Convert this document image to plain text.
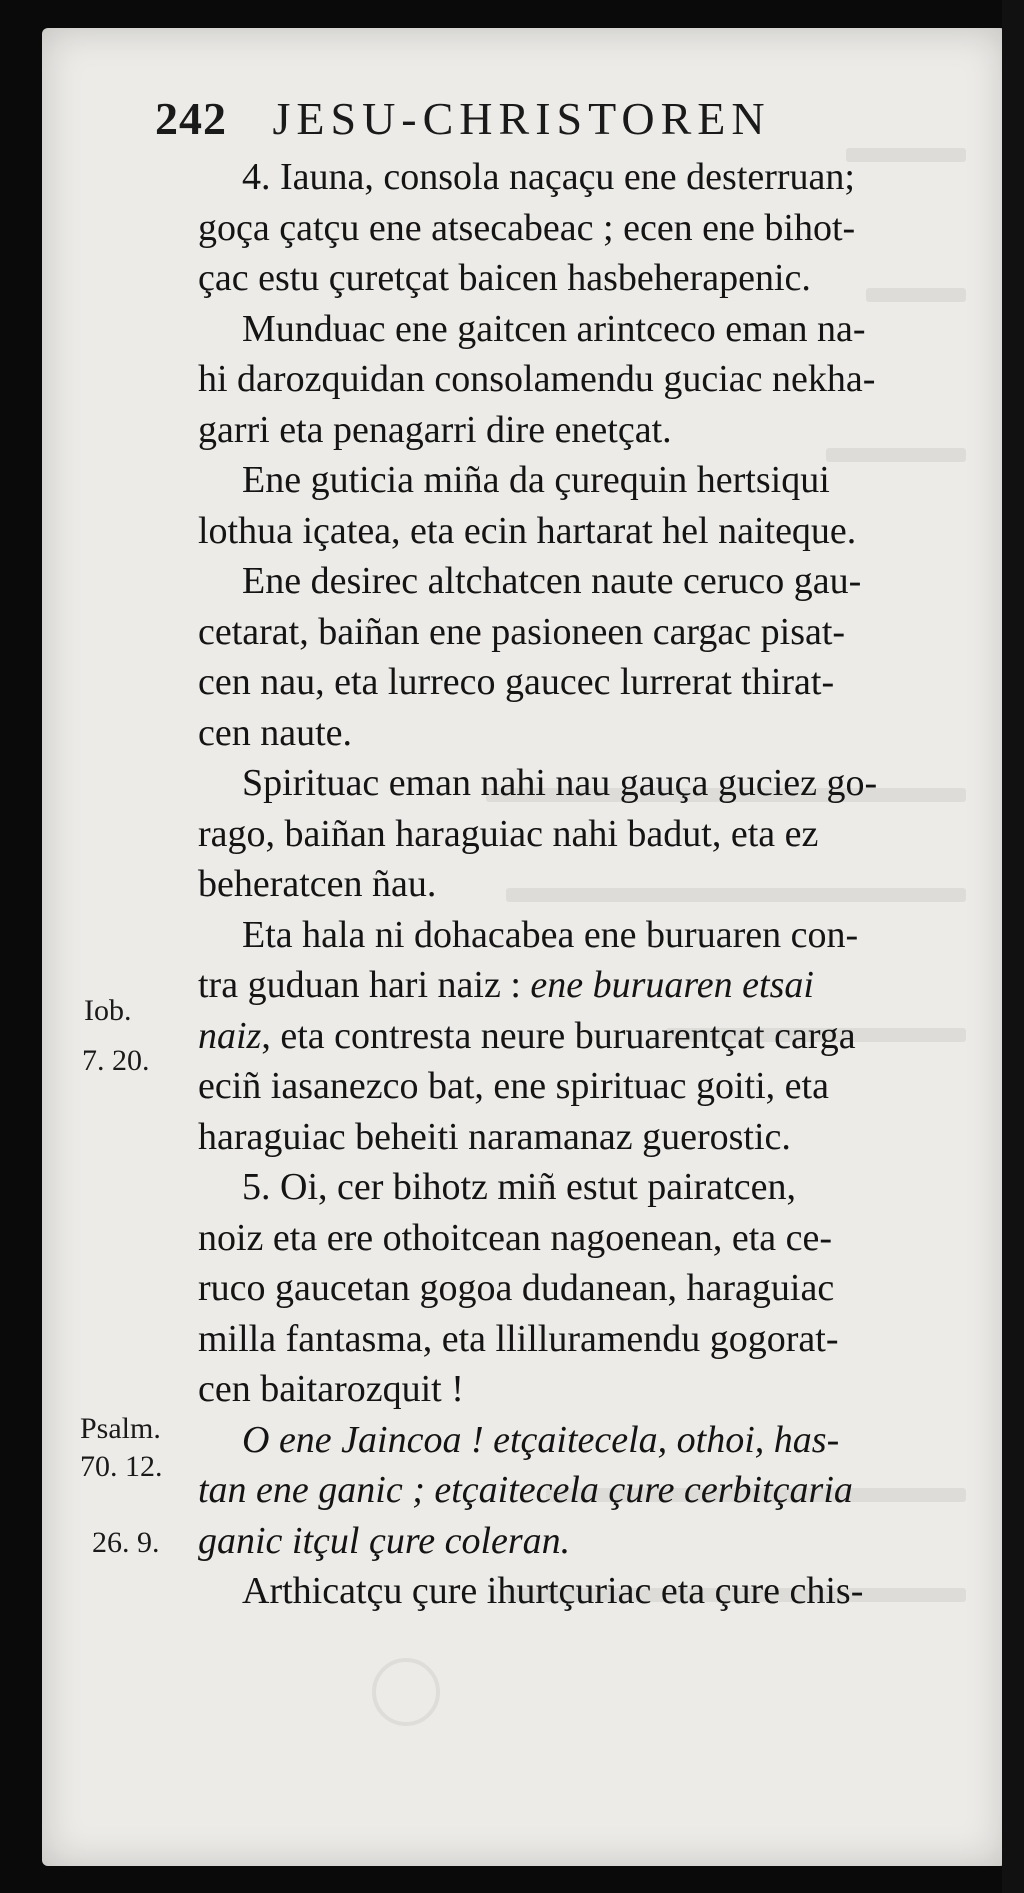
242 JESU-CHRISTOREN
4. Iauna, consola naçaçu ene desterruan;
goça çatçu ene atsecabeac ; ecen ene bihot-
çac estu çuretçat baicen hasbeherapenic.
Munduac ene gaitcen arintceco eman na-
hi darozquidan consolamendu guciac nekha-
garri eta penagarri dire enetçat.
Ene guticia miña da çurequin hertsiqui
lothua içatea, eta ecin hartarat hel naiteque.
Ene desirec altchatcen naute ceruco gau-
cetarat, baiñan ene pasioneen cargac pisat-
cen nau, eta lurreco gaucec lurrerat thirat-
cen naute.
Spirituac eman nahi nau gauça guciez go-
rago, baiñan haraguiac nahi badut, eta ez
beheratcen ñau.
Eta hala ni dohacabea ene buruaren con-
tra guduan hari naiz : ene buruaren etsai
naiz, eta contresta neure buruarentçat carga
eciñ iasanezco bat, ene spirituac goiti, eta
haraguiac beheiti naramanaz guerostic.
5. Oi, cer bihotz miñ estut pairatcen,
noiz eta ere othoitcean nagoenean, eta ce-
ruco gaucetan gogoa dudanean, haraguiac
milla fantasma, eta llilluramendu gogorat-
cen baitarozquit !
O ene Jaincoa ! etçaitecela, othoi, has-
tan ene ganic ; etçaitecela çure cerbitçaria
ganic itçul çure coleran.
Arthicatçu çure ihurtçuriac eta çure chis-
Iob.
7. 20.
Psalm.
70. 12.
26. 9.
